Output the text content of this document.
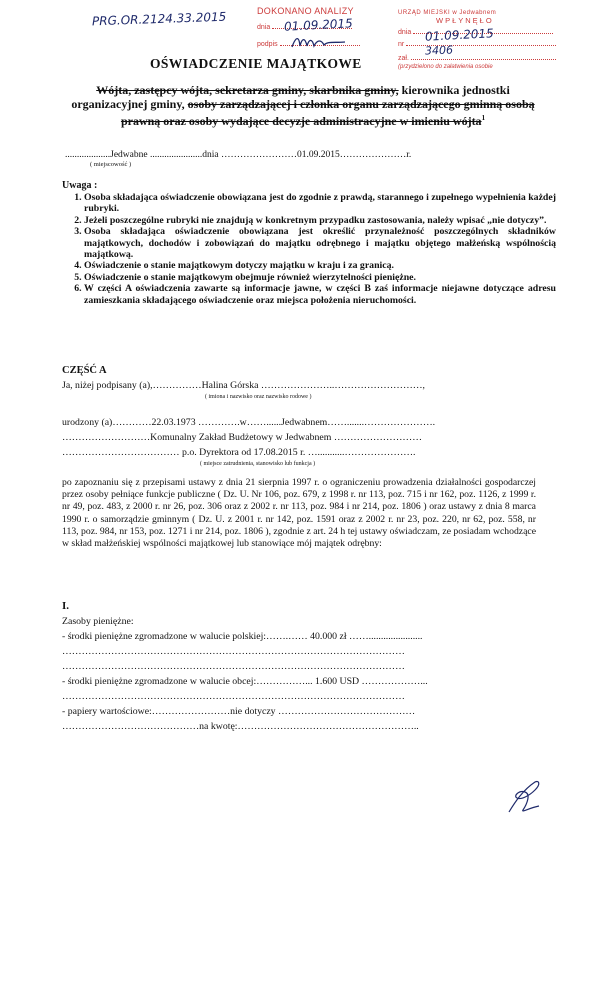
PRG.OR.2124.33.2015	DOKONANO ANALIZY
dnia
podpis
01.09.2015
URZĄD MIEJSKI w Jedwabnem
WPŁYNĘŁO
dnia
nr
zał.
(przydzielono do załatwienia osobie
01.09.2015
3406
OŚWIADCZENIE MAJĄTKOWE
Wójta, zastępcy wójta, sekretarza gminy, skarbnika gminy, kierownika jednostki organizacyjnej gminy, osoby zarządzającej i członka organu zarządzającego gminną osobą prawną oraz osoby wydające decyzje administracyjne w imieniu wójta$^1$
...................Jedwabne ......................dnia ……………………01.09.2015…………………r.
( miejscowość )
Uwaga :
1. Osoba składająca oświadczenie obowiązana jest do zgodnie z prawdą, starannego i zupełnego wypełnienia każdej rubryki.
2. Jeżeli poszczególne rubryki nie znajdują w konkretnym przypadku zastosowania, należy wpisać „nie dotyczy”.
3. Osoba składająca oświadczenie obowiązana jest określić przynależność poszczególnych składników majątkowych, dochodów i zobowiązań do majątku odrębnego i majątku objętego małżeńską wspólnością majątkową.
4. Oświadczenie o stanie majątkowym dotyczy majątku w kraju i za granicą.
5. Oświadczenie o stanie majątkowym obejmuje również wierzytelności pieniężne.
6. W części A oświadczenia zawarte są informacje jawne, w części B zaś informacje niejawne dotyczące adresu zamieszkania składającego oświadczenie oraz miejsca położenia nieruchomości.
CZĘŚĆ A
Ja, niżej podpisany (a),……………Halina Górska …………………..………………………,
( imiona i nazwisko oraz nazwisko rodowe )
urodzony (a)…………22.03.1973 ………….w……......Jedwabnem…….......………………….
………………………Komunalny Zakład Budżetowy w Jedwabnem ………………………
……………………………… p.o. Dyrektora od 17.08.2015 r. …...........………………….
( miejsce zatrudnienia, stanowisko lub funkcja )

po zapoznaniu się z przepisami ustawy z dnia 21 sierpnia 1997 r. o ograniczeniu prowadzenia działalności gospodarczej przez osoby pełniące funkcje publiczne ( Dz. U. Nr 106, poz. 679, z 1998 r. nr 113, poz. 715 i nr 162, poz. 1126, z 1999 r. nr 49, poz. 483, z 2000 r. nr 26, poz. 306 oraz z 2002 r. nr 113, poz. 984 i nr 214, poz. 1806 ) oraz ustawy z dnia 8 marca 1990 r. o samorządzie gminnym ( Dz. U. z 2001 r. nr 142, poz. 1591 oraz z 2002 r. nr 23, poz. 220, nr 62, poz. 558, nr 113, poz. 984, nr 153, poz. 1271 i nr 214, poz. 1806 ), zgodnie z art. 24 h tej ustawy oświadczam, ze posiadam wchodzące w skład małżeńskiej wspólności majątkowej lub stanowiące mój majątek odrębny:

I.
Zasoby pieniężne:
- środki pieniężne zgromadzone w walucie polskiej:…….…… 40.000 zł ……......................
……………………………………………………………………………………………
……………………………………………………………………………………………
- środki pieniężne zgromadzone w walucie obcej:……………... 1.600 USD ………………...
……………………………………………………………………………………………
- papiery wartościowe:……………………nie dotyczy ……………………………………
……………………………………na kwotę:………………………………………………..
